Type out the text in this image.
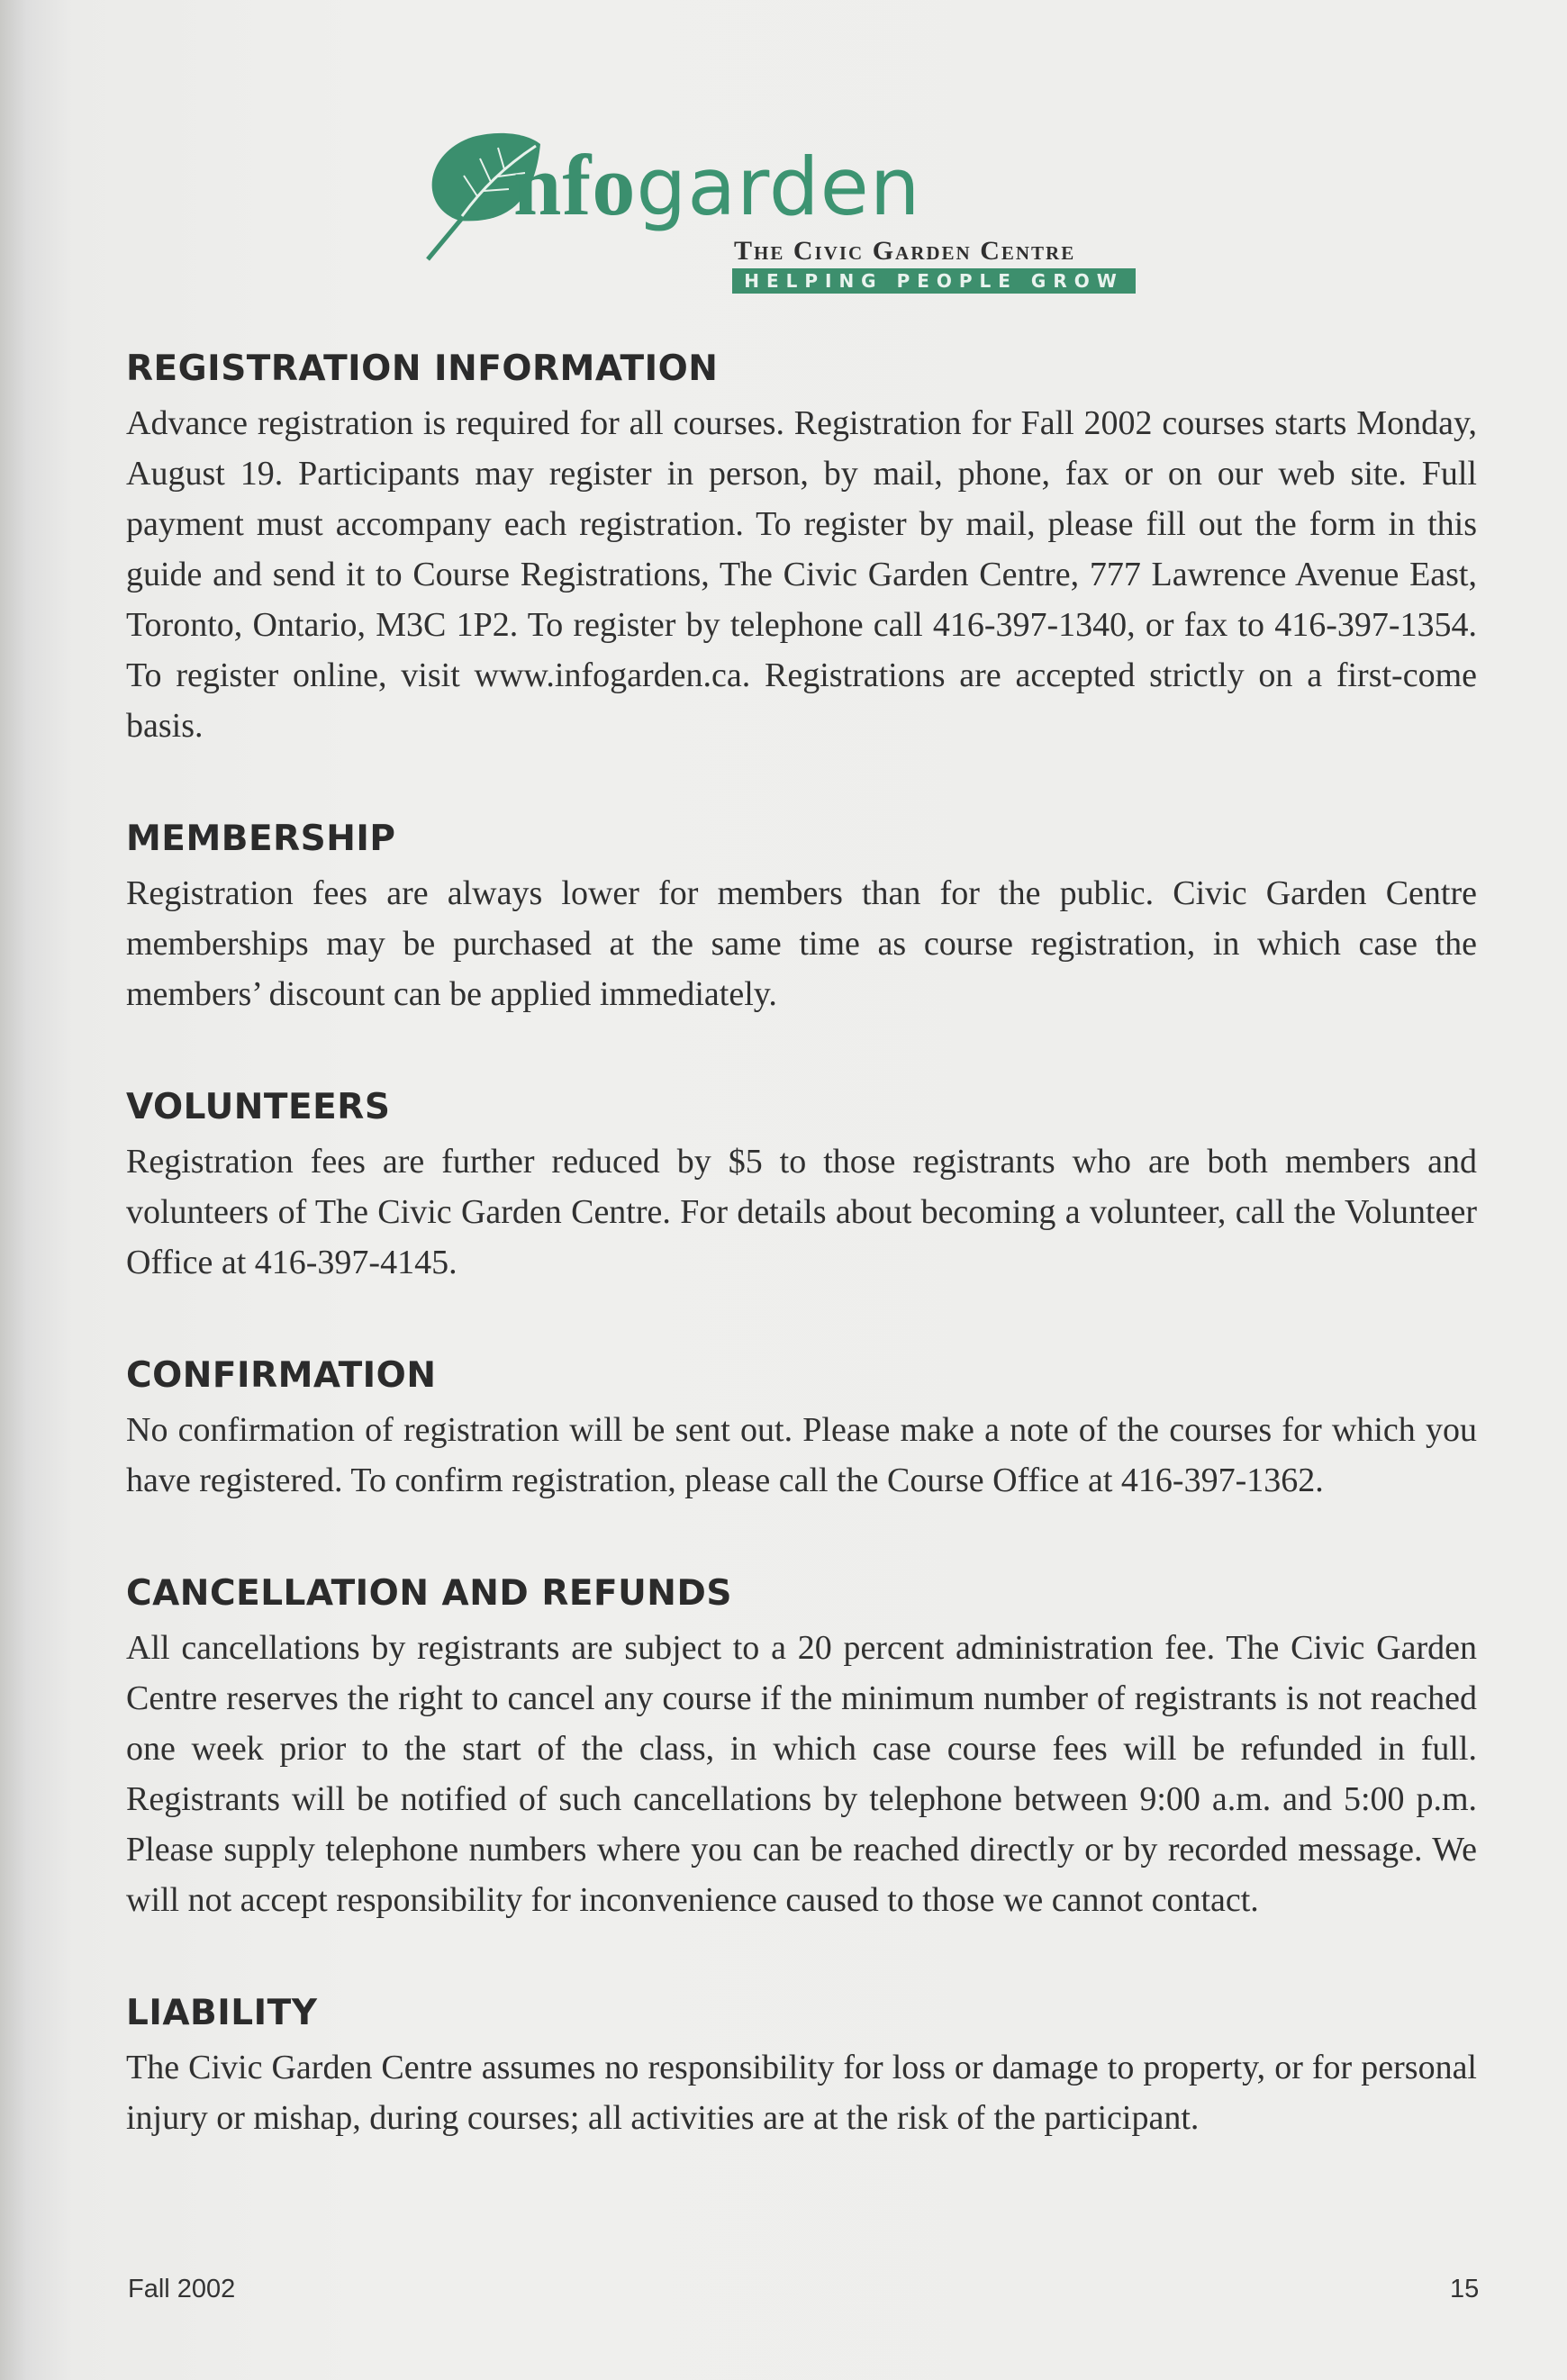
nfogarden
The Civic Garden Centre
HELPING PEOPLE GROW
REGISTRATION INFORMATION

Advance registration is required for all courses. Registration for Fall 2002 courses starts Monday, August 19. Participants may register in person, by mail, phone, fax or on our web site. Full payment must accompany each registration. To register by mail, please fill out the form in this guide and send it to Course Registrations, The Civic Garden Centre, 777 Lawrence Avenue East, Toronto, Ontario, M3C 1P2. To register by telephone call 416-397-1340, or fax to 416-397-1354. To register online, visit www.infogarden.ca. Registrations are accepted strictly on a first-come basis.

MEMBERSHIP

Registration fees are always lower for members than for the public. Civic Garden Centre memberships may be purchased at the same time as course registration, in which case the members’ discount can be applied immediately.

VOLUNTEERS

Registration fees are further reduced by $5 to those registrants who are both members and volunteers of The Civic Garden Centre. For details about becoming a volunteer, call the Volunteer Office at 416-397-4145.

CONFIRMATION

No confirmation of registration will be sent out. Please make a note of the courses for which you have registered. To confirm registration, please call the Course Office at 416-397-1362.

CANCELLATION AND REFUNDS

All cancellations by registrants are subject to a 20 percent administration fee. The Civic Garden Centre reserves the right to cancel any course if the minimum number of registrants is not reached one week prior to the start of the class, in which case course fees will be refunded in full. Registrants will be notified of such cancellations by telephone between 9:00 a.m. and 5:00 p.m. Please supply telephone numbers where you can be reached directly or by recorded message. We will not accept responsibility for inconvenience caused to those we cannot contact.

LIABILITY

The Civic Garden Centre assumes no responsibility for loss or damage to property, or for personal injury or mishap, during courses; all activities are at the risk of the participant.

Fall 2002	15
